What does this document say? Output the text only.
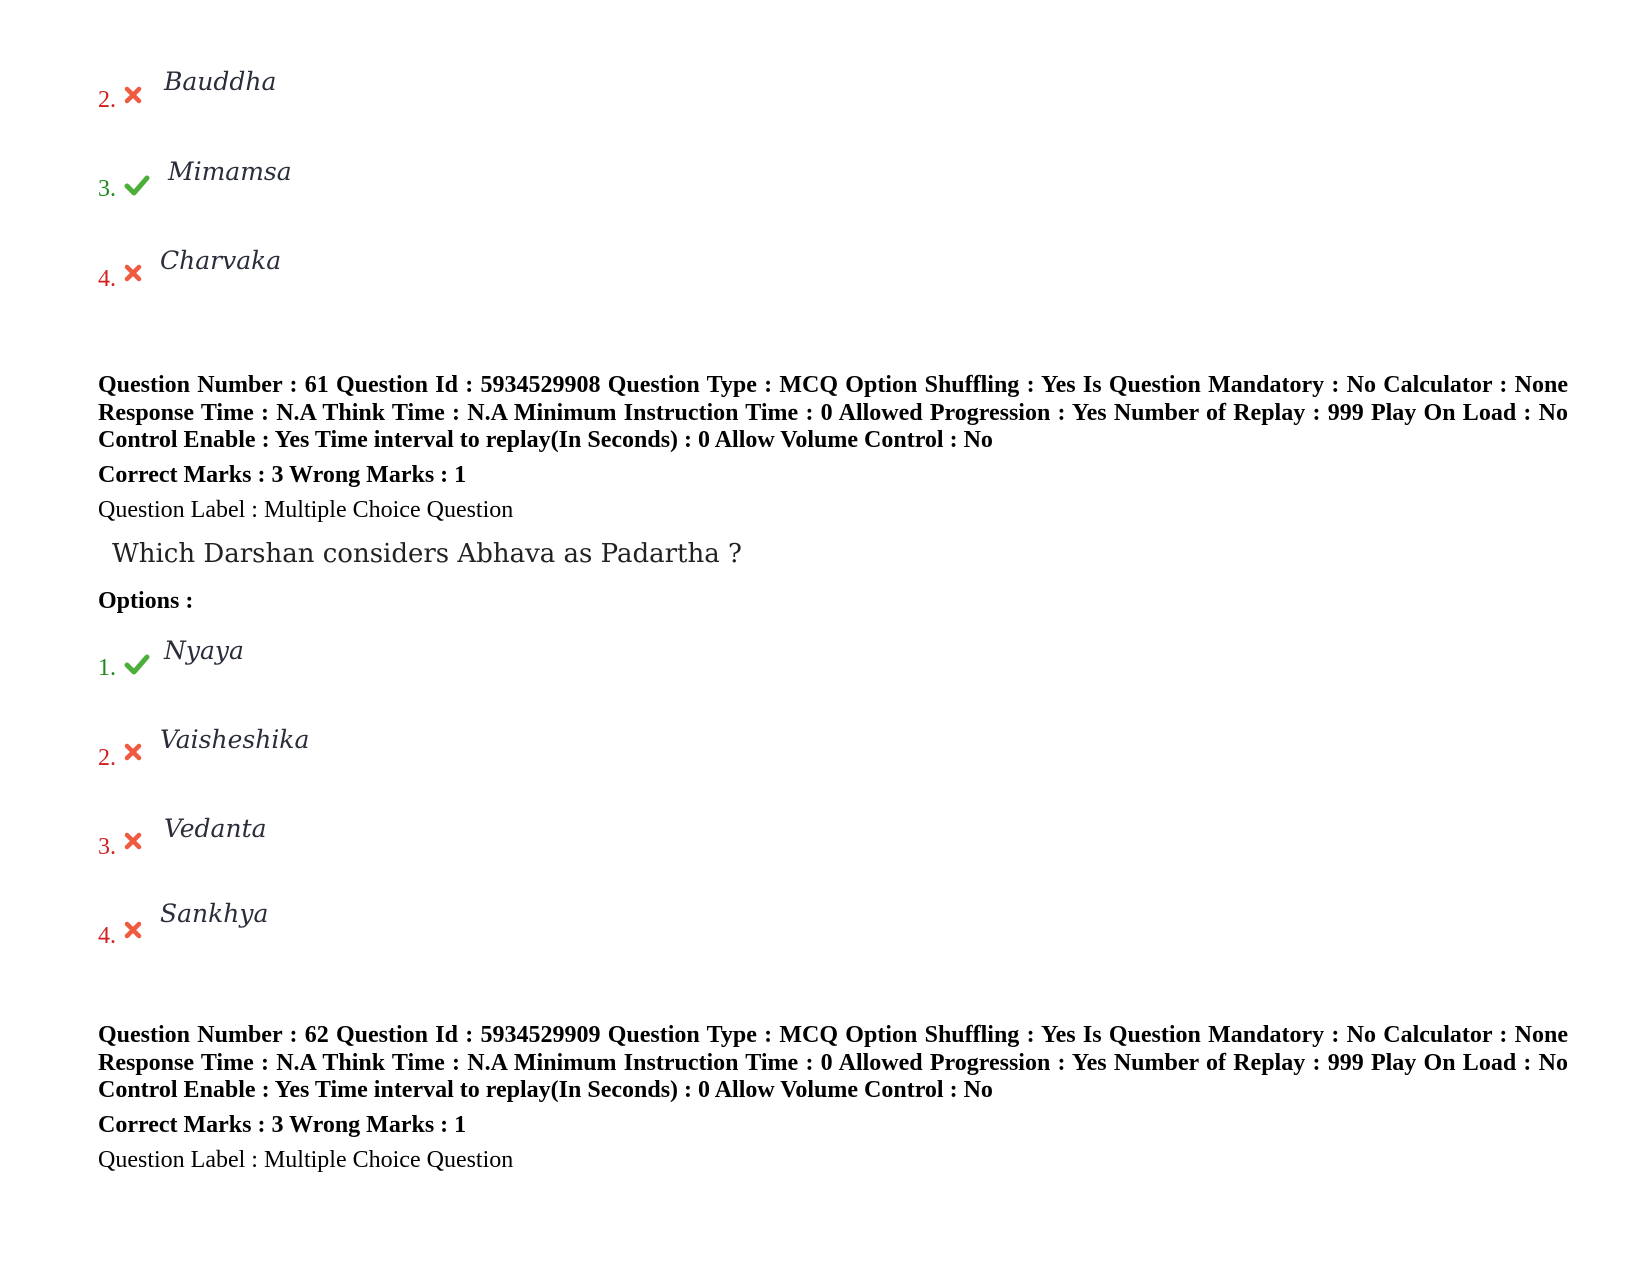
2.
Bauddha
3.
Mimamsa
4.
Charvaka
Question Number : 61 Question Id : 5934529908 Question Type : MCQ Option Shuffling : Yes Is Question Mandatory : No Calculator : None Response Time : N.A Think Time : N.A Minimum Instruction Time : 0 Allowed Progression : Yes Number of Replay : 999 Play On Load : No Control Enable : Yes Time interval to replay(In Seconds) : 0 Allow Volume Control : No
Correct Marks : 3 Wrong Marks : 1
Question Label : Multiple Choice Question
Which Darshan considers Abhava as Padartha ?
Options :
1.
Nyaya
2.
Vaisheshika
3.
Vedanta
4.
Sankhya
Question Number : 62 Question Id : 5934529909 Question Type : MCQ Option Shuffling : Yes Is Question Mandatory : No Calculator : None Response Time : N.A Think Time : N.A Minimum Instruction Time : 0 Allowed Progression : Yes Number of Replay : 999 Play On Load : No Control Enable : Yes Time interval to replay(In Seconds) : 0 Allow Volume Control : No
Correct Marks : 3 Wrong Marks : 1
Question Label : Multiple Choice Question
